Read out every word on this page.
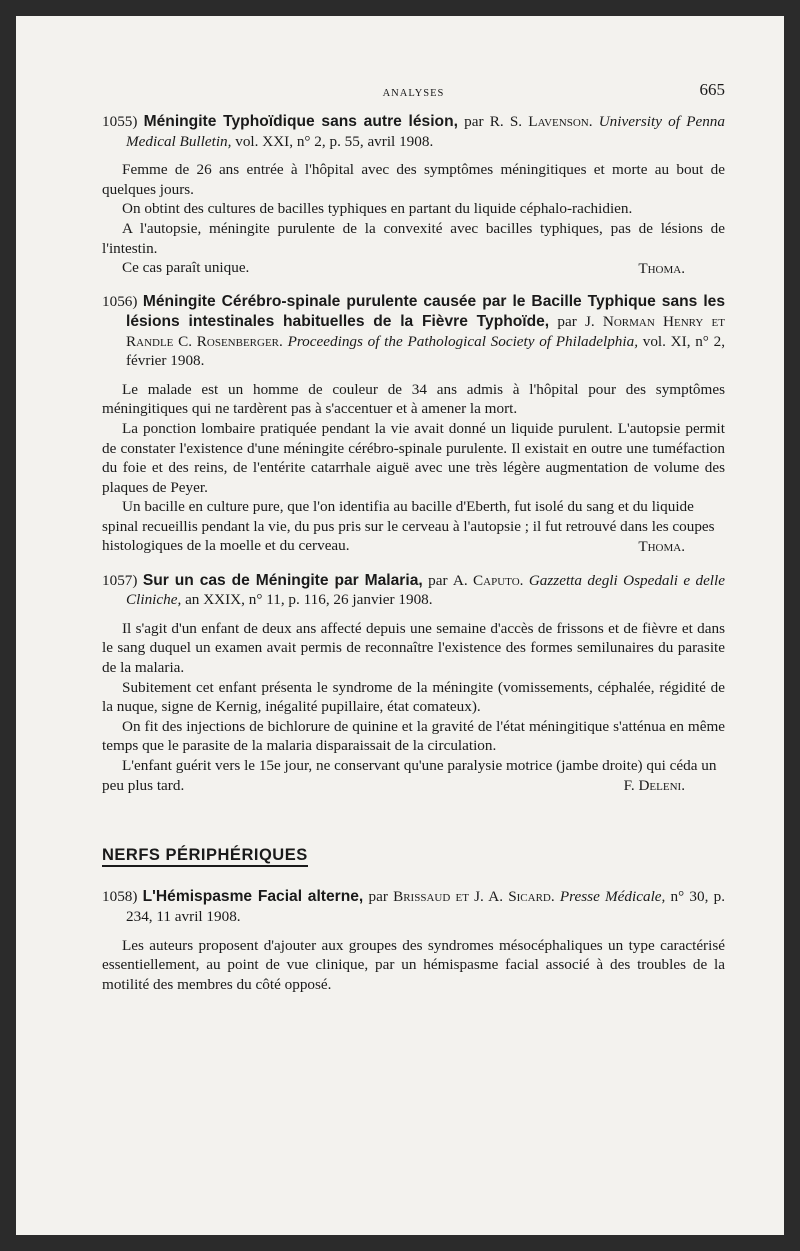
ANALYSES	665
1055) Méningite Typhoïdique sans autre lésion, par R. S. Lavenson. University of Penna Medical Bulletin, vol. XXI, n° 2, p. 55, avril 1908.

Femme de 26 ans entrée à l'hôpital avec des symptômes méningitiques et morte au bout de quelques jours.

On obtint des cultures de bacilles typhiques en partant du liquide céphalo-rachidien.

A l'autopsie, méningite purulente de la convexité avec bacilles typhiques, pas de lésions de l'intestin.

Ce cas paraît unique.	Thoma.
1056) Méningite Cérébro-spinale purulente causée par le Bacille Typhique sans les lésions intestinales habituelles de la Fièvre Typhoïde, par J. Norman Henry et Randle C. Rosenberger. Proceedings of the Pathological Society of Philadelphia, vol. XI, n° 2, février 1908.

Le malade est un homme de couleur de 34 ans admis à l'hôpital pour des symptômes méningitiques qui ne tardèrent pas à s'accentuer et à amener la mort.

La ponction lombaire pratiquée pendant la vie avait donné un liquide purulent. L'autopsie permit de constater l'existence d'une méningite cérébro-spinale purulente. Il existait en outre une tuméfaction du foie et des reins, de l'entérite catarrhale aiguë avec une très légère augmentation de volume des plaques de Peyer.

Un bacille en culture pure, que l'on identifia au bacille d'Eberth, fut isolé du sang et du liquide spinal recueillis pendant la vie, du pus pris sur le cerveau à l'autopsie ; il fut retrouvé dans les coupes histologiques de la moelle et du cerveau.	Thoma.
1057) Sur un cas de Méningite par Malaria, par A. Caputo. Gazzetta degli Ospedali e delle Cliniche, an XXIX, n° 11, p. 116, 26 janvier 1908.

Il s'agit d'un enfant de deux ans affecté depuis une semaine d'accès de frissons et de fièvre et dans le sang duquel un examen avait permis de reconnaître l'existence des formes semilunaires du parasite de la malaria.

Subitement cet enfant présenta le syndrome de la méningite (vomissements, céphalée, régidité de la nuque, signe de Kernig, inégalité pupillaire, état comateux).

On fit des injections de bichlorure de quinine et la gravité de l'état méningitique s'atténua en même temps que le parasite de la malaria disparaissait de la circulation.

L'enfant guérit vers le 15e jour, ne conservant qu'une paralysie motrice (jambe droite) qui céda un peu plus tard.	F. Deleni.
NERFS PÉRIPHÉRIQUES
1058) L'Hémispasme Facial alterne, par Brissaud et J. A. Sicard. Presse Médicale, n° 30, p. 234, 11 avril 1908.

Les auteurs proposent d'ajouter aux groupes des syndromes mésocéphaliques un type caractérisé essentiellement, au point de vue clinique, par un hémispasme facial associé à des troubles de la motilité des membres du côté opposé.
